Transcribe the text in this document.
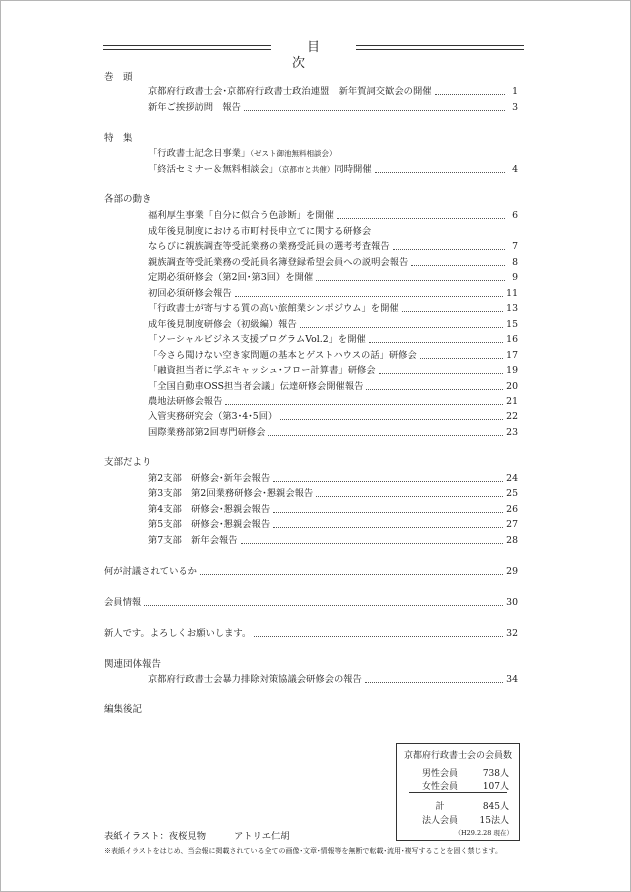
目　次
巻　頭
京都府行政書士会･京都府行政書士政治連盟　新年賀詞交歓会の開催	1
新年ご挨拶訪問　報告	3
特　集
「行政書士記念日事業」（ゼスト御池無料相談会）
「終活セミナー＆無料相談会」（京都市と共催）同時開催	4
各部の動き
福利厚生事業「自分に似合う色診断」を開催	6
成年後見制度における市町村長申立てに関する研修会
ならびに親族調査等受託業務の業務受託員の選考考査報告	7
親族調査等受託業務の受託員名簿登録希望会員への説明会報告	8
定期必須研修会（第2回･第3回）を開催	9
初回必須研修会報告	11
「行政書士が寄与する質の高い旅館業シンポジウム」を開催	13
成年後見制度研修会（初級編）報告	15
「ソーシャルビジネス支援プログラムVol.2」を開催	16
「今さら聞けない空き家問題の基本とゲストハウスの話」研修会	17
「融資担当者に学ぶキャッシュ･フロー計算書」研修会	19
「全国自動車OSS担当者会議」伝達研修会開催報告	20
農地法研修会報告	21
入管実務研究会（第3･4･5回）	22
国際業務部第2回専門研修会	23
支部だより
第2支部　研修会･新年会報告	24
第3支部　第2回業務研修会･懇親会報告	25
第4支部　研修会･懇親会報告	26
第5支部　研修会･懇親会報告	27
第7支部　新年会報告	28
何が討議されているか	29
会員情報	30
新人です。よろしくお願いします。	32
関連団体報告
京都府行政書士会暴力排除対策協議会研修会の報告	34
編集後記
京都府行政書士会の会員数
男性会員	738人
女性会員	107人
計	845人
法人会員	15法人
（H29.2.28 現在）
表紙イラスト：夜桜見物	アトリエ仁胡
※表紙イラストをはじめ、当会報に掲載されている全ての画像･文章･情報等を無断で転載･流用･複写することを固く禁じます。
